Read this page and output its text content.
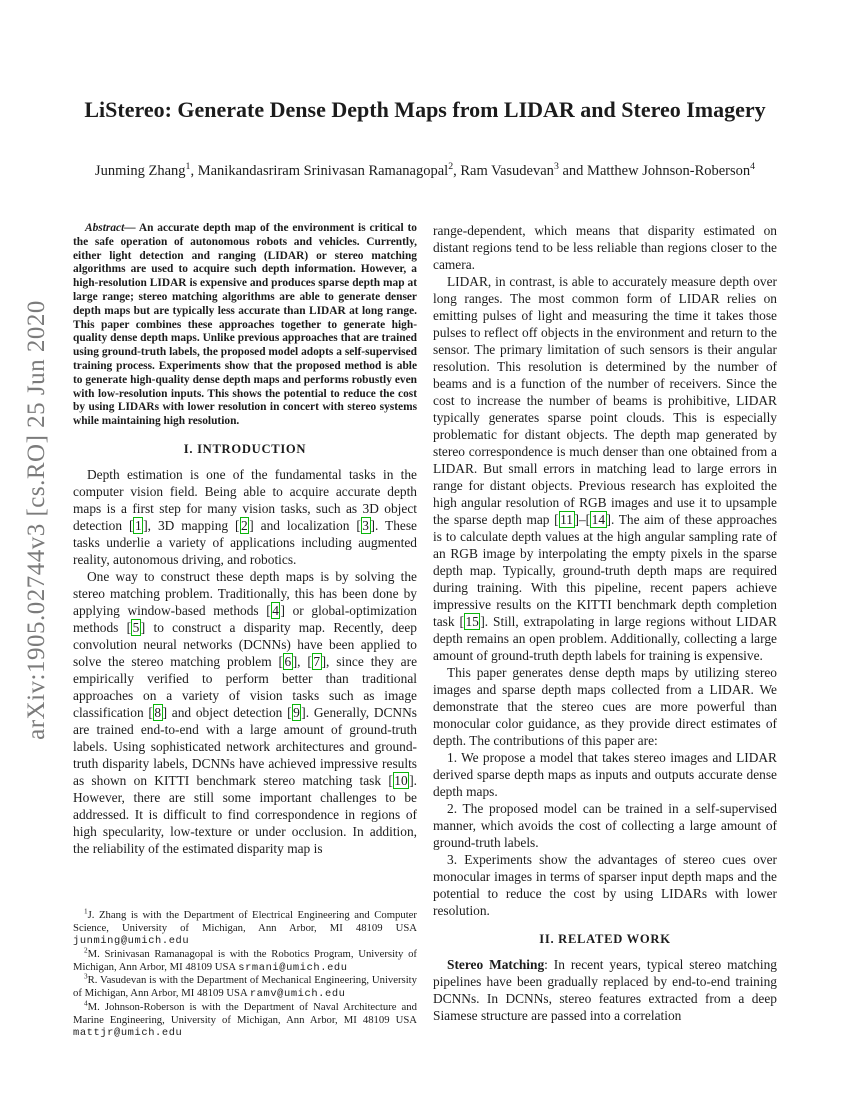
arXiv:1905.02744v3 [cs.RO] 25 Jun 2020
LiStereo: Generate Dense Depth Maps from LIDAR and Stereo Imagery
Junming Zhang$^1$, Manikandasriram Srinivasan Ramanagopal$^2$, Ram Vasudevan$^3$ and Matthew Johnson-Roberson$^4$

Abstract— An accurate depth map of the environment is critical to the safe operation of autonomous robots and vehicles. Currently, either light detection and ranging (LIDAR) or stereo matching algorithms are used to acquire such depth information. However, a high-resolution LIDAR is expensive and produces sparse depth map at large range; stereo matching algorithms are able to generate denser depth maps but are typically less accurate than LIDAR at long range. This paper combines these approaches together to generate high-quality dense depth maps. Unlike previous approaches that are trained using ground-truth labels, the proposed model adopts a self-supervised training process. Experiments show that the proposed method is able to generate high-quality dense depth maps and performs robustly even with low-resolution inputs. This shows the potential to reduce the cost by using LIDARs with lower resolution in concert with stereo systems while maintaining high resolution.

I. INTRODUCTION

Depth estimation is one of the fundamental tasks in the computer vision field. Being able to acquire accurate depth maps is a first step for many vision tasks, such as 3D object detection [ 1 ], 3D mapping [ 2 ] and localization [ 3 ]. These tasks underlie a variety of applications including augmented reality, autonomous driving, and robotics.

One way to construct these depth maps is by solving the stereo matching problem. Traditionally, this has been done by applying window-based methods [ 4 ] or global-optimization methods [ 5 ] to construct a disparity map. Recently, deep convolution neural networks (DCNNs) have been applied to solve the stereo matching problem [ 6 ], [ 7 ], since they are empirically verified to perform better than traditional approaches on a variety of vision tasks such as image classification [ 8 ] and object detection [ 9 ]. Generally, DCNNs are trained end-to-end with a large amount of ground-truth labels. Using sophisticated network architectures and ground-truth disparity labels, DCNNs have achieved impressive results as shown on KITTI benchmark stereo matching task [ 10 ]. However, there are still some important challenges to be addressed. It is difficult to find correspondence in regions of high specularity, low-texture or under occlusion. In addition, the reliability of the estimated disparity map is

$^1$J. Zhang is with the Department of Electrical Engineering and Computer Science, University of Michigan, Ann Arbor, MI 48109 USA junming@umich.edu

$^2$M. Srinivasan Ramanagopal is with the Robotics Program, University of Michigan, Ann Arbor, MI 48109 USA srmani@umich.edu

$^3$R. Vasudevan is with the Department of Mechanical Engineering, University of Michigan, Ann Arbor, MI 48109 USA ramv@umich.edu

$^4$M. Johnson-Roberson is with the Department of Naval Architecture and Marine Engineering, University of Michigan, Ann Arbor, MI 48109 USA mattjr@umich.edu

range-dependent, which means that disparity estimated on distant regions tend to be less reliable than regions closer to the camera.

LIDAR, in contrast, is able to accurately measure depth over long ranges. The most common form of LIDAR relies on emitting pulses of light and measuring the time it takes those pulses to reflect off objects in the environment and return to the sensor. The primary limitation of such sensors is their angular resolution. This resolution is determined by the number of beams and is a function of the number of receivers. Since the cost to increase the number of beams is prohibitive, LIDAR typically generates sparse point clouds. This is especially problematic for distant objects. The depth map generated by stereo correspondence is much denser than one obtained from a LIDAR. But small errors in matching lead to large errors in range for distant objects. Previous research has exploited the high angular resolution of RGB images and use it to upsample the sparse depth map [ 11 ]–[ 14 ]. The aim of these approaches is to calculate depth values at the high angular sampling rate of an RGB image by interpolating the empty pixels in the sparse depth map. Typically, ground-truth depth maps are required during training. With this pipeline, recent papers achieve impressive results on the KITTI benchmark depth completion task [ 15 ]. Still, extrapolating in large regions without LIDAR depth remains an open problem. Additionally, collecting a large amount of ground-truth depth labels for training is expensive.

This paper generates dense depth maps by utilizing stereo images and sparse depth maps collected from a LIDAR. We demonstrate that the stereo cues are more powerful than monocular color guidance, as they provide direct estimates of depth. The contributions of this paper are:

1. We propose a model that takes stereo images and LIDAR derived sparse depth maps as inputs and outputs accurate dense depth maps.

2. The proposed model can be trained in a self-supervised manner, which avoids the cost of collecting a large amount of ground-truth labels.

3. Experiments show the advantages of stereo cues over monocular images in terms of sparser input depth maps and the potential to reduce the cost by using LIDARs with lower resolution.

II. RELATED WORK

Stereo Matching: In recent years, typical stereo matching pipelines have been gradually replaced by end-to-end training DCNNs. In DCNNs, stereo features extracted from a deep Siamese structure are passed into a correlation
